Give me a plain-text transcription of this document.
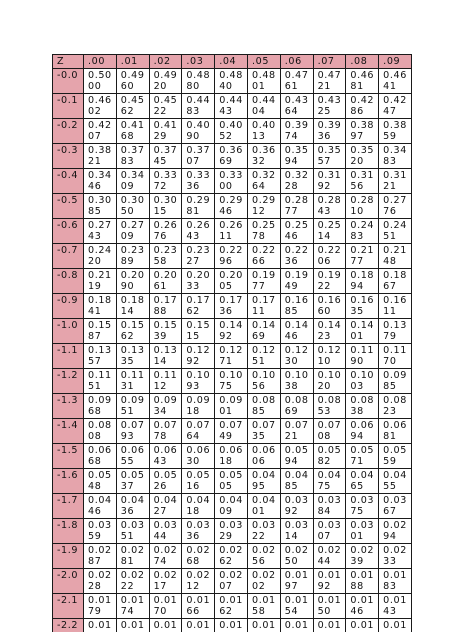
Z	.00	.01	.02	.03	.04	.05	.06	.07	.08	.09
-0.0	0.50 00	0.49 60	0.49 20	0.48 80	0.48 40	0.48 01	0.47 61	0.47 21	0.46 81	0.46 41
-0.1	0.46 02	0.45 62	0.45 22	0.44 83	0.44 43	0.44 04	0.43 64	0.43 25	0.42 86	0.42 47
-0.2	0.42 07	0.41 68	0.41 29	0.40 90	0.40 52	0.40 13	0.39 74	0.39 36	0.38 97	0.38 59
-0.3	0.38 21	0.37 83	0.37 45	0.37 07	0.36 69	0.36 32	0.35 94	0.35 57	0.35 20	0.34 83
-0.4	0.34 46	0.34 09	0.33 72	0.33 36	0.33 00	0.32 64	0.32 28	0.31 92	0.31 56	0.31 21
-0.5	0.30 85	0.30 50	0.30 15	0.29 81	0.29 46	0.29 12	0.28 77	0.28 43	0.28 10	0.27 76
-0.6	0.27 43	0.27 09	0.26 76	0.26 43	0.26 11	0.25 78	0.25 46	0.25 14	0.24 83	0.24 51
-0.7	0.24 20	0.23 89	0.23 58	0.23 27	0.22 96	0.22 66	0.22 36	0.22 06	0.21 77	0.21 48
-0.8	0.21 19	0.20 90	0.20 61	0.20 33	0.20 05	0.19 77	0.19 49	0.19 22	0.18 94	0.18 67
-0.9	0.18 41	0.18 14	0.17 88	0.17 62	0.17 36	0.17 11	0.16 85	0.16 60	0.16 35	0.16 11
-1.0	0.15 87	0.15 62	0.15 39	0.15 15	0.14 92	0.14 69	0.14 46	0.14 23	0.14 01	0.13 79
-1.1	0.13 57	0.13 35	0.13 14	0.12 92	0.12 71	0.12 51	0.12 30	0.12 10	0.11 90	0.11 70
-1.2	0.11 51	0.11 31	0.11 12	0.10 93	0.10 75	0.10 56	0.10 38	0.10 20	0.10 03	0.09 85
-1.3	0.09 68	0.09 51	0.09 34	0.09 18	0.09 01	0.08 85	0.08 69	0.08 53	0.08 38	0.08 23
-1.4	0.08 08	0.07 93	0.07 78	0.07 64	0.07 49	0.07 35	0.07 21	0.07 08	0.06 94	0.06 81
-1.5	0.06 68	0.06 55	0.06 43	0.06 30	0.06 18	0.06 06	0.05 94	0.05 82	0.05 71	0.05 59
-1.6	0.05 48	0.05 37	0.05 26	0.05 16	0.05 05	0.04 95	0.04 85	0.04 75	0.04 65	0.04 55
-1.7	0.04 46	0.04 36	0.04 27	0.04 18	0.04 09	0.04 01	0.03 92	0.03 84	0.03 75	0.03 67
-1.8	0.03 59	0.03 51	0.03 44	0.03 36	0.03 29	0.03 22	0.03 14	0.03 07	0.03 01	0.02 94
-1.9	0.02 87	0.02 81	0.02 74	0.02 68	0.02 62	0.02 56	0.02 50	0.02 44	0.02 39	0.02 33
-2.0	0.02 28	0.02 22	0.02 17	0.02 12	0.02 07	0.02 02	0.01 97	0.01 92	0.01 88	0.01 83
-2.1	0.01 79	0.01 74	0.01 70	0.01 66	0.01 62	0.01 58	0.01 54	0.01 50	0.01 46	0.01 43
-2.2	0.01	0.01	0.01	0.01	0.01	0.01	0.01	0.01	0.01	0.01
